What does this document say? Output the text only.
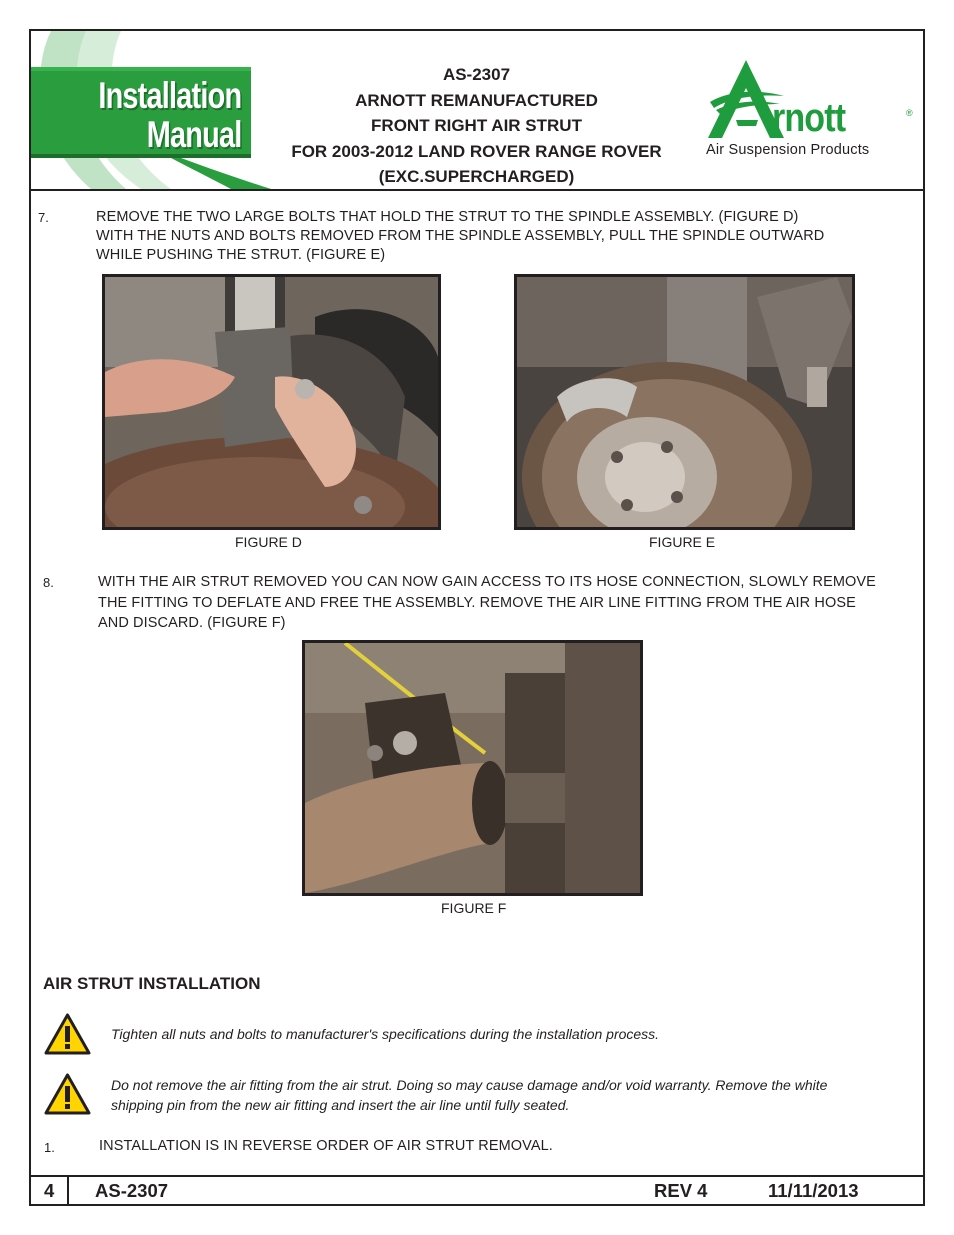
Installation
Manual
AS-2307
ARNOTT REMANUFACTURED
FRONT RIGHT AIR STRUT
FOR 2003-2012 LAND ROVER RANGE ROVER
(EXC.SUPERCHARGED)
rnott	®
Air Suspension Products
7.	REMOVE THE TWO LARGE BOLTS THAT HOLD THE STRUT TO THE SPINDLE ASSEMBLY. (FIGURE D)
WITH THE NUTS AND BOLTS REMOVED FROM THE SPINDLE ASSEMBLY, PULL THE SPINDLE OUTWARD
WHILE PUSHING THE STRUT. (FIGURE E)
FIGURE D	FIGURE E
8.	WITH THE AIR STRUT REMOVED YOU CAN NOW GAIN ACCESS TO ITS HOSE CONNECTION, SLOWLY REMOVE
THE FITTING TO DEFLATE AND FREE THE ASSEMBLY. REMOVE THE AIR LINE FITTING FROM THE AIR HOSE
AND DISCARD. (FIGURE F)
FIGURE F
AIR STRUT INSTALLATION
Tighten all nuts and bolts to manufacturer's specifications during the installation process.
Do not remove the air fitting from the air strut. Doing so may cause damage and/or void warranty. Remove the white
shipping pin from the new air fitting and insert the air line until fully seated.
1.	INSTALLATION IS IN REVERSE ORDER OF AIR STRUT REMOVAL.
4 AS-2307	REV 4	11/11/2013
